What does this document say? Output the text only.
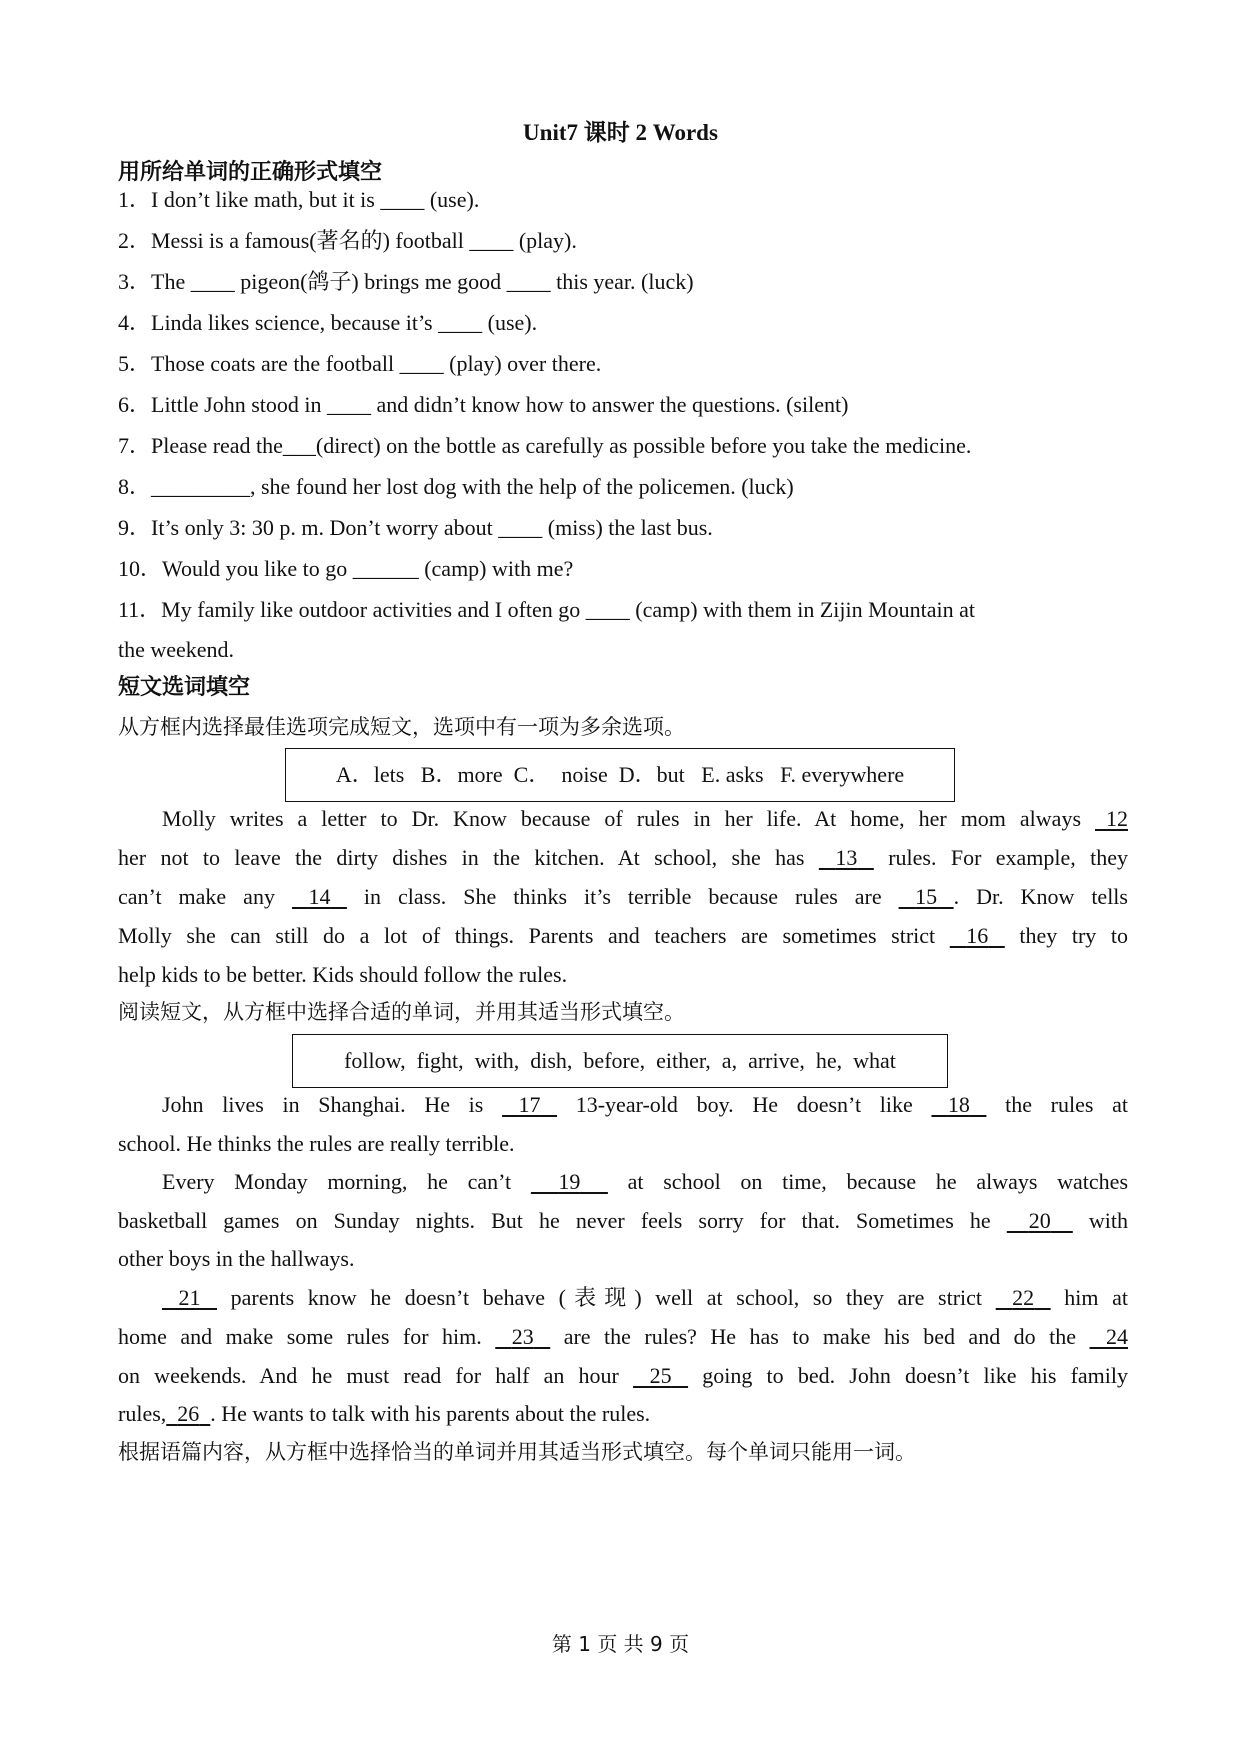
Unit7 课时 2 Words
用所给单词的正确形式填空
1．I don’t like math, but it is ____ (use).
2．Messi is a famous(著名的) football ____ (play).
3．The ____ pigeon(鸽子) brings me good ____ this year. (luck)
4．Linda likes science, because it’s ____ (use).
5．Those coats are the football ____ (play) over there.
6．Little John stood in ____ and didn’t know how to answer the questions. (silent)
7．Please read the___(direct) on the bottle as carefully as possible before you take the medicine.
8．_________, she found her lost dog with the help of the policemen. (luck)
9．It’s only 3: 30 p. m. Don’t worry about ____ (miss) the last bus.
10．Would you like to go ______ (camp) with me?
11．My family like outdoor activities and I often go ____ (camp) with them in Zijin Mountain at
the weekend.
短文选词填空
从方框内选择最佳选项完成短文，选项中有一项为多余选项。
A．lets   B．more  C．  noise  D．but   E. asks   F. everywhere
Molly writes a letter to Dr. Know because of rules in her life. At home, her mom always 12
her not to leave the dirty dishes in the kitchen. At school, she has 13 rules. For example, they
can’t make any 14 in class. She thinks it’s terrible because rules are 15 . Dr. Know tells
Molly she can still do a lot of things. Parents and teachers are sometimes strict 16 they try to
help kids to be better. Kids should follow the rules.
阅读短文，从方框中选择合适的单词，并用其适当形式填空。
follow,  fight,  with,  dish,  before,  either,  a,  arrive,  he,  what
John lives in Shanghai. He is 17 13-year-old boy. He doesn’t like 18 the rules at
school. He thinks the rules are really terrible.
Every Monday morning, he can’t 19 at school on time, because he always watches
basketball games on Sunday nights. But he never feels sorry for that. Sometimes he 20 with
other boys in the hallways.
21 parents know he doesn’t behave (表现) well at school, so they are strict 22 him at
home and make some rules for him. 23 are the rules? He has to make his bed and do the 24
on weekends. And he must read for half an hour 25 going to bed. John doesn’t like his family
rules, 26 . He wants to talk with his parents about the rules.
根据语篇内容，从方框中选择恰当的单词并用其适当形式填空。每个单词只能用一词。
第 1 页 共 9 页
